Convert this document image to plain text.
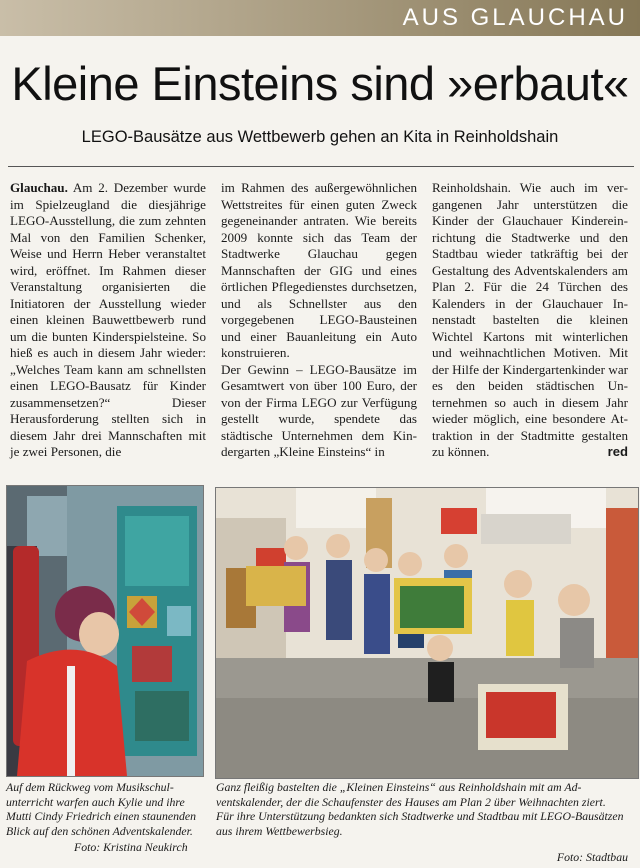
AUS GLAUCHAU
Kleine Einsteins sind »erbaut«
LEGO-Bausätze aus Wettbewerb gehen an Kita in Reinholdshain

Glauchau. Am 2. Dezember wurde im Spielzeugland die diesjährige LEGO-Ausstellung, die zum zehnten Mal von den Familien Schenker, Weise und Herrn Heber veranstaltet wird, eröffnet. Im Rahmen dieser Veranstaltung organisierten die Initiatoren der Ausstellung wieder einen kleinen Bauwettbewerb rund um die bunten Kinderspielsteine. So hieß es auch in diesem Jahr wieder: „Welches Team kann am schnellsten einen LEGO-Bausatz für Kinder zusammensetzen?“ Dieser Herausforderung stellten sich in diesem Jahr drei Mannschaften mit je zwei Personen, die

im Rahmen des außergewöhnlichen Wettstreites für einen guten Zweck gegeneinander antraten. Wie bereits 2009 konnte sich das Team der Stadtwerke Glauchau gegen Mannschaften der GIG und eines örtlichen Pflegedienstes durchsetzen, und als Schnellster aus den vorgegebenen LEGO-Bausteinen und einer Bauanleitung ein Auto konstruieren.

Der Gewinn – LEGO-Bausätze im Gesamtwert von über 100 Euro, der von der Firma LEGO zur Verfügung gestellt wurde, spendete das städtische Unternehmen dem Kindergarten „Kleine Einsteins“ in

Reinholdshain. Wie auch im vergangenen Jahr unterstützen die Kinder der Glauchauer Kindereinrichtung die Stadtwerke und den Stadtbau wieder tatkräftig bei der Gestaltung des Adventskalenders am Plan 2. Für die 24 Türchen des Kalenders in der Glauchauer Innenstadt bastelten die kleinen Wichtel Kartons mit winterlichen und weihnachtlichen Motiven. Mit der Hilfe der Kindergartenkinder war es den beiden städtischen Unternehmen so auch in diesem Jahr wieder möglich, eine besondere Attraktion in der Stadtmitte gestalten zu können.	red

Auf dem Rückweg vom Musikschulunterricht warfen auch Kylie und ihre Mutti Cindy Friedrich einen staunenden Blick auf den schönen Adventskalender.
Foto: Kristina Neukirch
Ganz fleißig bastelten die „Kleinen Einsteins“ aus Reinholdshain mit am Adventskalender, der die Schaufenster des Hauses am Plan 2 über Weihnachten ziert.
Für ihre Unterstützung bedankten sich Stadtwerke und Stadtbau mit LEGO-Bausätzen aus ihrem Wettbewerbsieg.
Foto: Stadtbau
